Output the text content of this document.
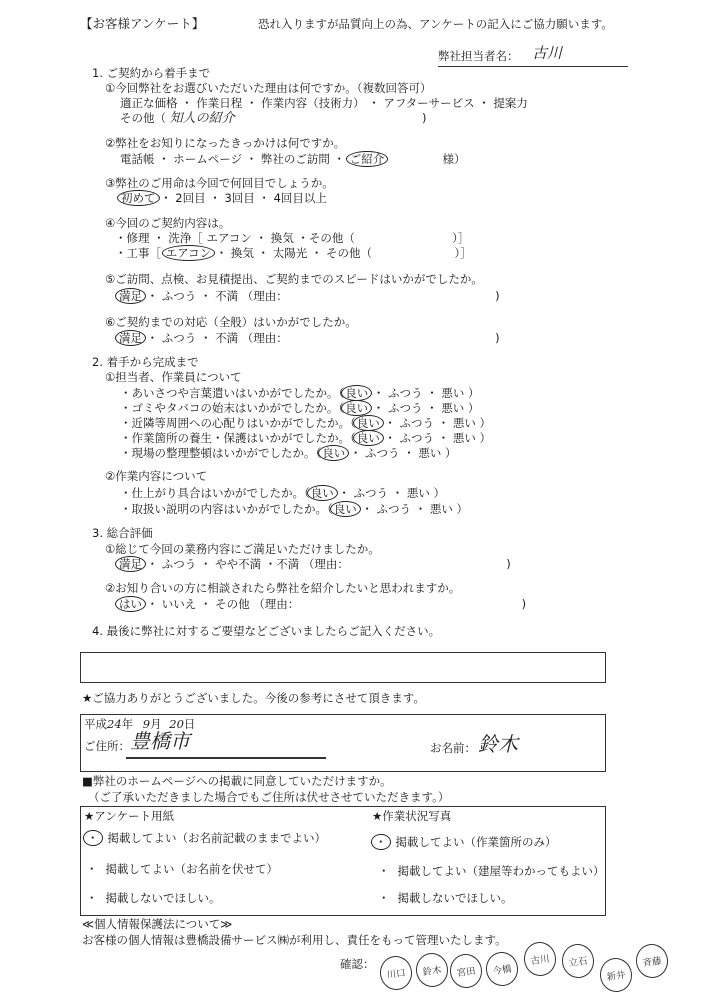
【お客様アンケート】	恐れ入りますが品質向上の為、アンケートの記入にご協力願います。
弊社担当者名： 古川
1. ご契約から着手まで
①今回弊社をお選びいただいた理由は何ですか。（複数回答可）
適正な価格 ・ 作業日程 ・ 作業内容（技術力） ・ アフターサービス ・ 提案力
その他（ 知人の紹介	)
②弊社をお知りになったきっかけは何ですか。
電話帳 ・ ホームページ ・ 弊社のご訪問 ・ ご紹介	様）
③弊社のご用命は今回で何回目でしょうか。
初めて ・ 2回目 ・ 3回目 ・ 4回目以上
④今回のご契約内容は。
・修理 ・ 洗浄［ エアコン ・ 換気 ・その他（	）］
・工事［ エアコン ・ 換気 ・ 太陽光 ・ その他（	）］
⑤ご訪問、点検、お見積提出、ご契約までのスピードはいかがでしたか。
満足 ・ ふつう ・ 不満 （理由：	)
⑥ご契約までの対応（全般）はいかがでしたか。
満足 ・ ふつう ・ 不満 （理由：	)
2. 着手から完成まで
①担当者、作業員について
・あいさつや言葉遣いはいかがでしたか。（良い ・ ふつう ・ 悪い ）
・ゴミやタバコの始末はいかがでしたか。（良い ・ ふつう ・ 悪い ）
・近隣等周囲への心配りはいかがでしたか。（良い ・ ふつう ・ 悪い ）
・作業箇所の養生・保護はいかがでしたか。（良い ・ ふつう ・ 悪い ）
・現場の整理整頓はいかがでしたか。（良い ・ ふつう ・ 悪い ）
②作業内容について
・仕上がり具合はいかがでしたか。（良い ・ ふつう ・ 悪い ）
・取扱い説明の内容はいかがでしたか。（良い ・ ふつう ・ 悪い ）
3. 総合評価
①総じて今回の業務内容にご満足いただけましたか。
満足 ・ ふつう ・ やや不満 ・不満 （理由：	)
②お知り合いの方に相談されたら弊社を紹介したいと思われますか。
はい ・ いいえ ・ その他 （理由：	)
4. 最後に弊社に対するご要望などございましたらご記入ください。
★ご協力ありがとうございました。今後の参考にさせて頂きます。
平成24年 9月 20日
ご住所： 豊橋市	お名前： 鈴木
■弊社のホームページへの掲載に同意していただけますか。
（ご了承いただきました場合でもご住所は伏せさせていただきます。）
★アンケート用紙	★作業状況写真
・ 掲載してよい（お名前記載のままでよい）
・ 掲載してよい（お名前を伏せて）
・ 掲載しないでほしい。
・ 掲載してよい（作業箇所のみ）
・ 掲載してよい（建屋等わかってもよい）
・ 掲載しないでほしい。
≪個人情報保護法について≫
お客様の個人情報は豊橋設備サービス㈱が利用し、責任をもって管理いたします。
確認：
川口	鈴木	宮田	今橋
古川	立石
新井
斉藤
